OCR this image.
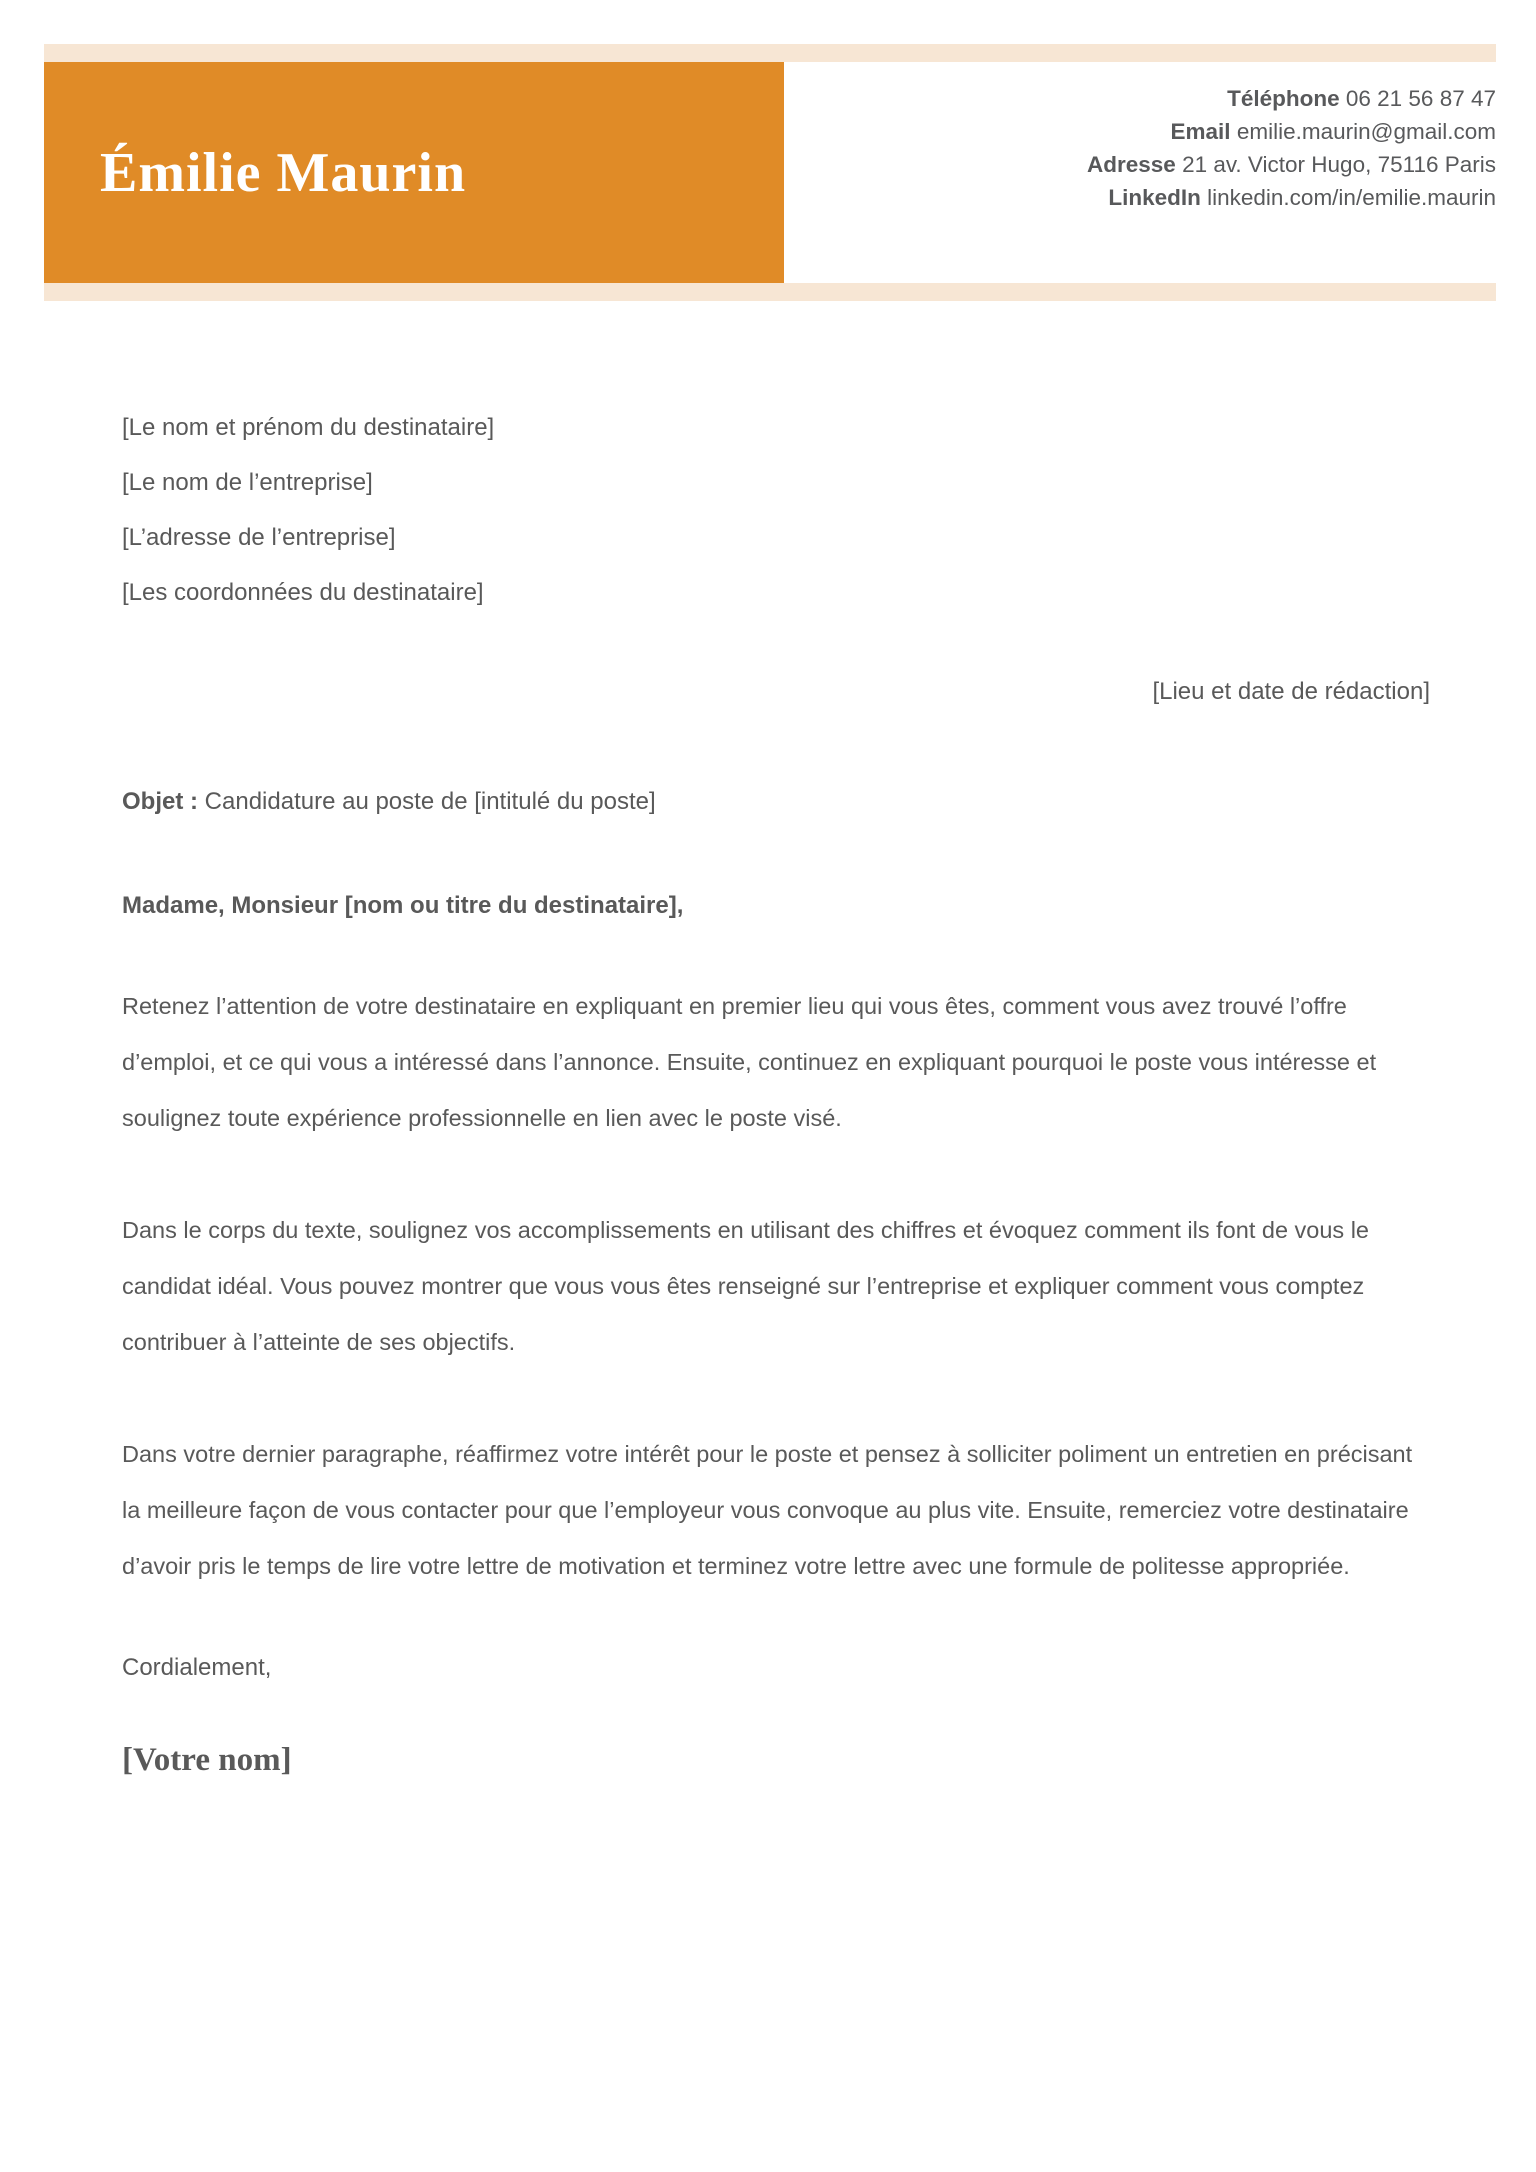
Émilie Maurin
Téléphone 06 21 56 87 47
Email emilie.maurin@gmail.com
Adresse 21 av. Victor Hugo, 75116 Paris
LinkedIn linkedin.com/in/emilie.maurin
[Le nom et prénom du destinataire]
[Le nom de l’entreprise]
[L’adresse de l’entreprise]
[Les coordonnées du destinataire]
[Lieu et date de rédaction]
Objet : Candidature au poste de [intitulé du poste]
Madame, Monsieur [nom ou titre du destinataire],
Retenez l’attention de votre destinataire en expliquant en premier lieu qui vous êtes, comment vous avez trouvé l’offre d’emploi, et ce qui vous a intéressé dans l’annonce. Ensuite, continuez en expliquant pourquoi le poste vous intéresse et soulignez toute expérience professionnelle en lien avec le poste visé.
Dans le corps du texte, soulignez vos accomplissements en utilisant des chiffres et évoquez comment ils font de vous le candidat idéal. Vous pouvez montrer que vous vous êtes renseigné sur l’entreprise et expliquer comment vous comptez contribuer à l’atteinte de ses objectifs.
Dans votre dernier paragraphe, réaffirmez votre intérêt pour le poste et pensez à solliciter poliment un entretien en précisant la meilleure façon de vous contacter pour que l’employeur vous convoque au plus vite. Ensuite, remerciez votre destinataire d’avoir pris le temps de lire votre lettre de motivation et terminez votre lettre avec une formule de politesse appropriée.
Cordialement,
[Votre nom]
